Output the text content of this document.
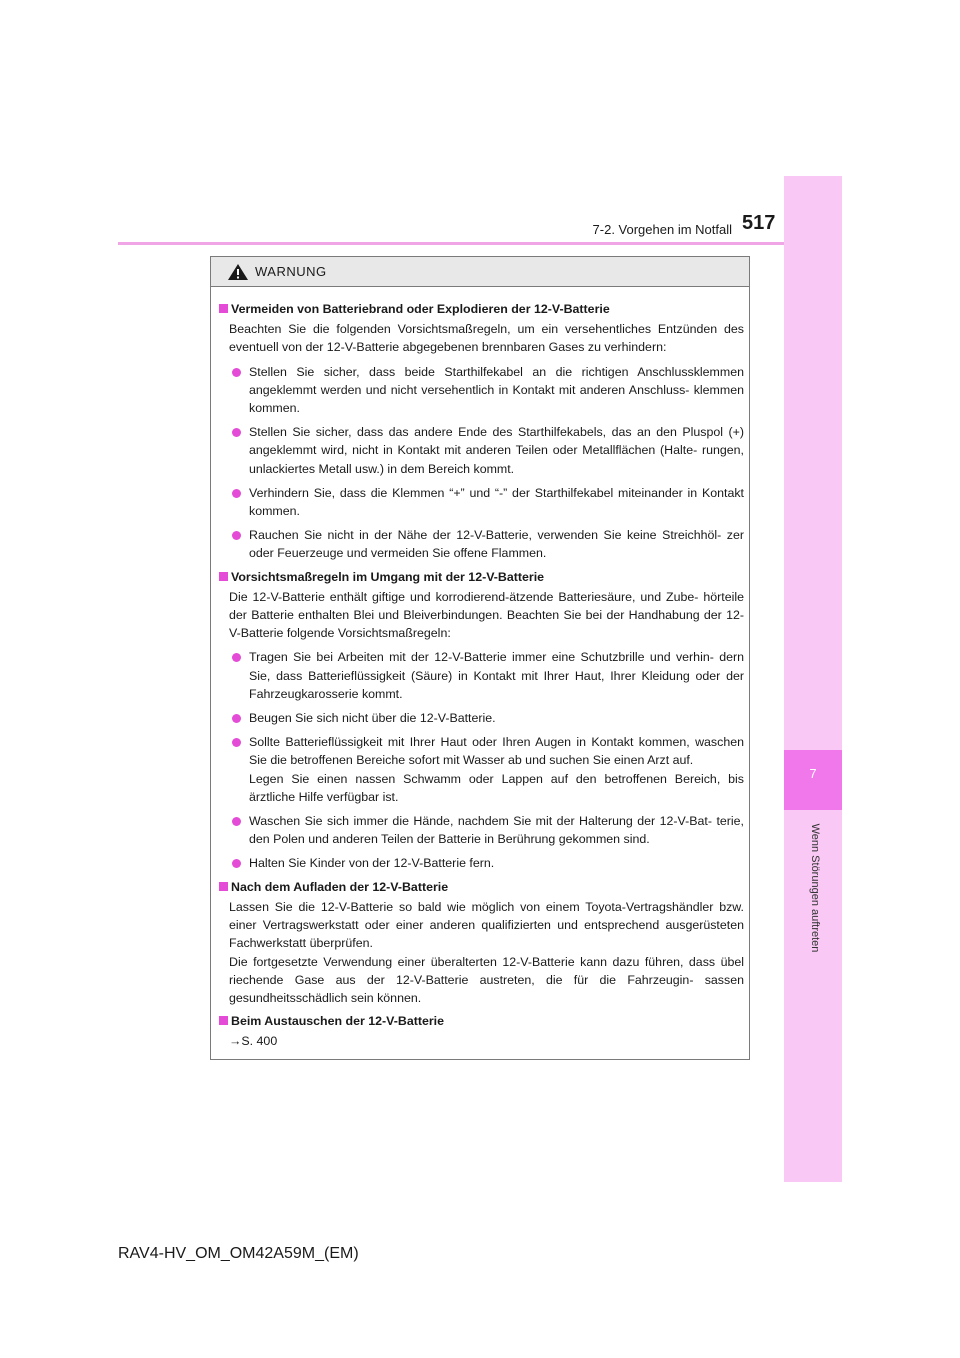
7
Wenn Störungen auftreten
7-2. Vorgehen im Notfall 517
WARNUNG
Vermeiden von Batteriebrand oder Explodieren der 12-V-Batterie
Beachten Sie die folgenden Vorsichtsmaßregeln, um ein versehentliches Entzünden des eventuell von der 12-V-Batterie abgegebenen brennbaren Gases zu verhindern:
Stellen Sie sicher, dass beide Starthilfekabel an die richtigen Anschlussklemmen angeklemmt werden und nicht versehentlich in Kontakt mit anderen Anschluss- klemmen kommen.
Stellen Sie sicher, dass das andere Ende des Starthilfekabels, das an den Pluspol (+) angeklemmt wird, nicht in Kontakt mit anderen Teilen oder Metallflächen (Halte- rungen, unlackiertes Metall usw.) in dem Bereich kommt.
Verhindern Sie, dass die Klemmen “+” und “-” der Starthilfekabel miteinander in Kontakt kommen.
Rauchen Sie nicht in der Nähe der 12-V-Batterie, verwenden Sie keine Streichhöl- zer oder Feuerzeuge und vermeiden Sie offene Flammen.
Vorsichtsmaßregeln im Umgang mit der 12-V-Batterie
Die 12-V-Batterie enthält giftige und korrodierend-ätzende Batteriesäure, und Zube- hörteile der Batterie enthalten Blei und Bleiverbindungen. Beachten Sie bei der Handhabung der 12-V-Batterie folgende Vorsichtsmaßregeln:
Tragen Sie bei Arbeiten mit der 12-V-Batterie immer eine Schutzbrille und verhin- dern Sie, dass Batterieflüssigkeit (Säure) in Kontakt mit Ihrer Haut, Ihrer Kleidung oder der Fahrzeugkarosserie kommt.
Beugen Sie sich nicht über die 12-V-Batterie.
Sollte Batterieflüssigkeit mit Ihrer Haut oder Ihren Augen in Kontakt kommen, waschen Sie die betroffenen Bereiche sofort mit Wasser ab und suchen Sie einen Arzt auf.
Legen Sie einen nassen Schwamm oder Lappen auf den betroffenen Bereich, bis ärztliche Hilfe verfügbar ist.
Waschen Sie sich immer die Hände, nachdem Sie mit der Halterung der 12-V-Bat- terie, den Polen und anderen Teilen der Batterie in Berührung gekommen sind.
Halten Sie Kinder von der 12-V-Batterie fern.
Nach dem Aufladen der 12-V-Batterie
Lassen Sie die 12-V-Batterie so bald wie möglich von einem Toyota-Vertragshändler bzw. einer Vertragswerkstatt oder einer anderen qualifizierten und entsprechend ausgerüsteten Fachwerkstatt überprüfen.
Die fortgesetzte Verwendung einer überalterten 12-V-Batterie kann dazu führen, dass übel riechende Gase aus der 12-V-Batterie austreten, die für die Fahrzeugin- sassen gesundheitsschädlich sein können.
Beim Austauschen der 12-V-Batterie
→S. 400
RAV4-HV_OM_OM42A59M_(EM)
